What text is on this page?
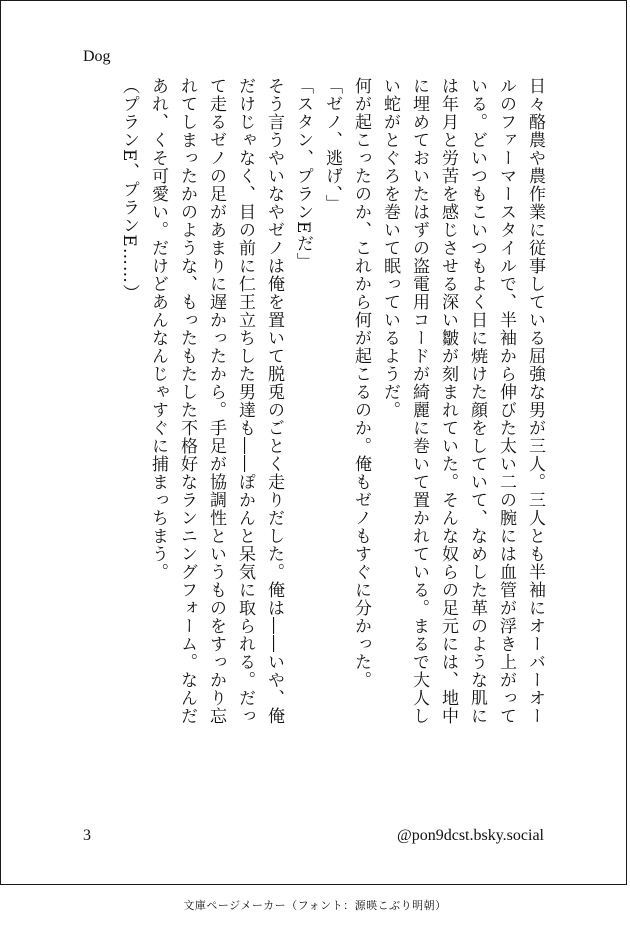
Dog
日々酪農や農作業に従事している屈強な男が三人。三人とも半袖にオーバーオー
ルのファーマースタイルで、半袖から伸びた太い二の腕には血管が浮き上がって
いる。どいつもこいつもよく日に焼けた顔をしていて、なめした革のような肌に
は年月と労苦を感じさせる深い皺が刻まれていた。そんな奴らの足元には、地中
に埋めておいたはずの盗電用コードが綺麗に巻いて置かれている。まるで大人し
い蛇がとぐろを巻いて眠っているようだ。
何が起こったのか、これから何が起こるのか。俺もゼノもすぐに分かった。
「ゼノ、逃げ、」
「スタン、プランEだ」
そう言うやいなやゼノは俺を置いて脱兎のごとく走りだした。俺は――いや、俺
だけじゃなく、目の前に仁王立ちした男達も――ぽかんと呆気に取られる。だっ
て走るゼノの足があまりに遅かったから。手足が協調性というものをすっかり忘
れてしまったかのような、もったもたした不格好なランニングフォーム。なんだ
あれ、くそ可愛い。だけどあんなんじゃすぐに捕まっちまう。
（プランE、プランE……）
3	@pon9dcst.bsky.social
文庫ページメーカー（フォント：源暎こぶり明朝）
